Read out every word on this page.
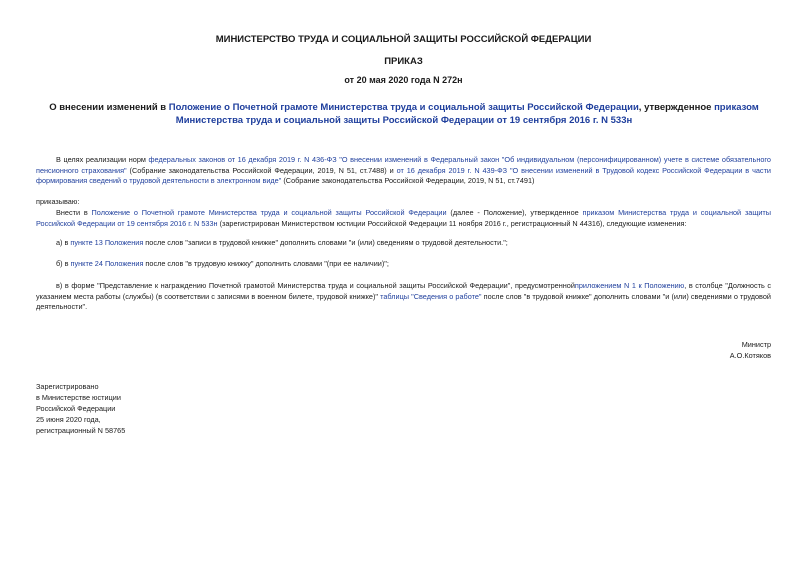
МИНИСТЕРСТВО ТРУДА И СОЦИАЛЬНОЙ ЗАЩИТЫ РОССИЙСКОЙ ФЕДЕРАЦИИ

ПРИКАЗ

от 20 мая 2020 года N 272н

О внесении изменений в Положение о Почетной грамоте Министерства труда и социальной защиты Российской Федерации, утвержденное приказом Министерства труда и социальной защиты Российской Федерации от 19 сентября 2016 г. N 533н

В целях реализации норм федеральных законов от 16 декабря 2019 г. N 436-ФЗ "О внесении изменений в Федеральный закон "Об индивидуальном (персонифицированном) учете в системе обязательного пенсионного страхования" (Собрание законодательства Российской Федерации, 2019, N 51, ст.7488) и от 16 декабря 2019 г. N 439-ФЗ "О внесении изменений в Трудовой кодекс Российской Федерации в части формирования сведений о трудовой деятельности в электронном виде" (Собрание законодательства Российской Федерации, 2019, N 51, ст.7491)

приказываю:

Внести в Положение о Почетной грамоте Министерства труда и социальной защиты Российской Федерации (далее - Положение), утвержденное приказом Министерства труда и социальной защиты Российской Федерации от 19 сентября 2016 г. N 533н (зарегистрирован Министерством юстиции Российской Федерации 11 ноября 2016 г., регистрационный N 44316), следующие изменения:

а) в пункте 13 Положения после слов "записи в трудовой книжке" дополнить словами "и (или) сведениям о трудовой деятельности.";

б) в пункте 24 Положения после слов "в трудовую книжку" дополнить словами "(при ее наличии)";

в) в форме "Представление к награждению Почетной грамотой Министерства труда и социальной защиты Российской Федерации", предусмотреннойприложением N 1 к Положению, в столбце "Должность с указанием места работы (службы) (в соответствии с записями в военном билете, трудовой книжке)" таблицы "Сведения о работе" после слов "в трудовой книжке" дополнить словами "и (или) сведениями о трудовой деятельности".

Министр
А.О.Котяков
Зарегистрировано
в Министерстве юстиции
Российской Федерации
25 июня 2020 года,
регистрационный N 58765
